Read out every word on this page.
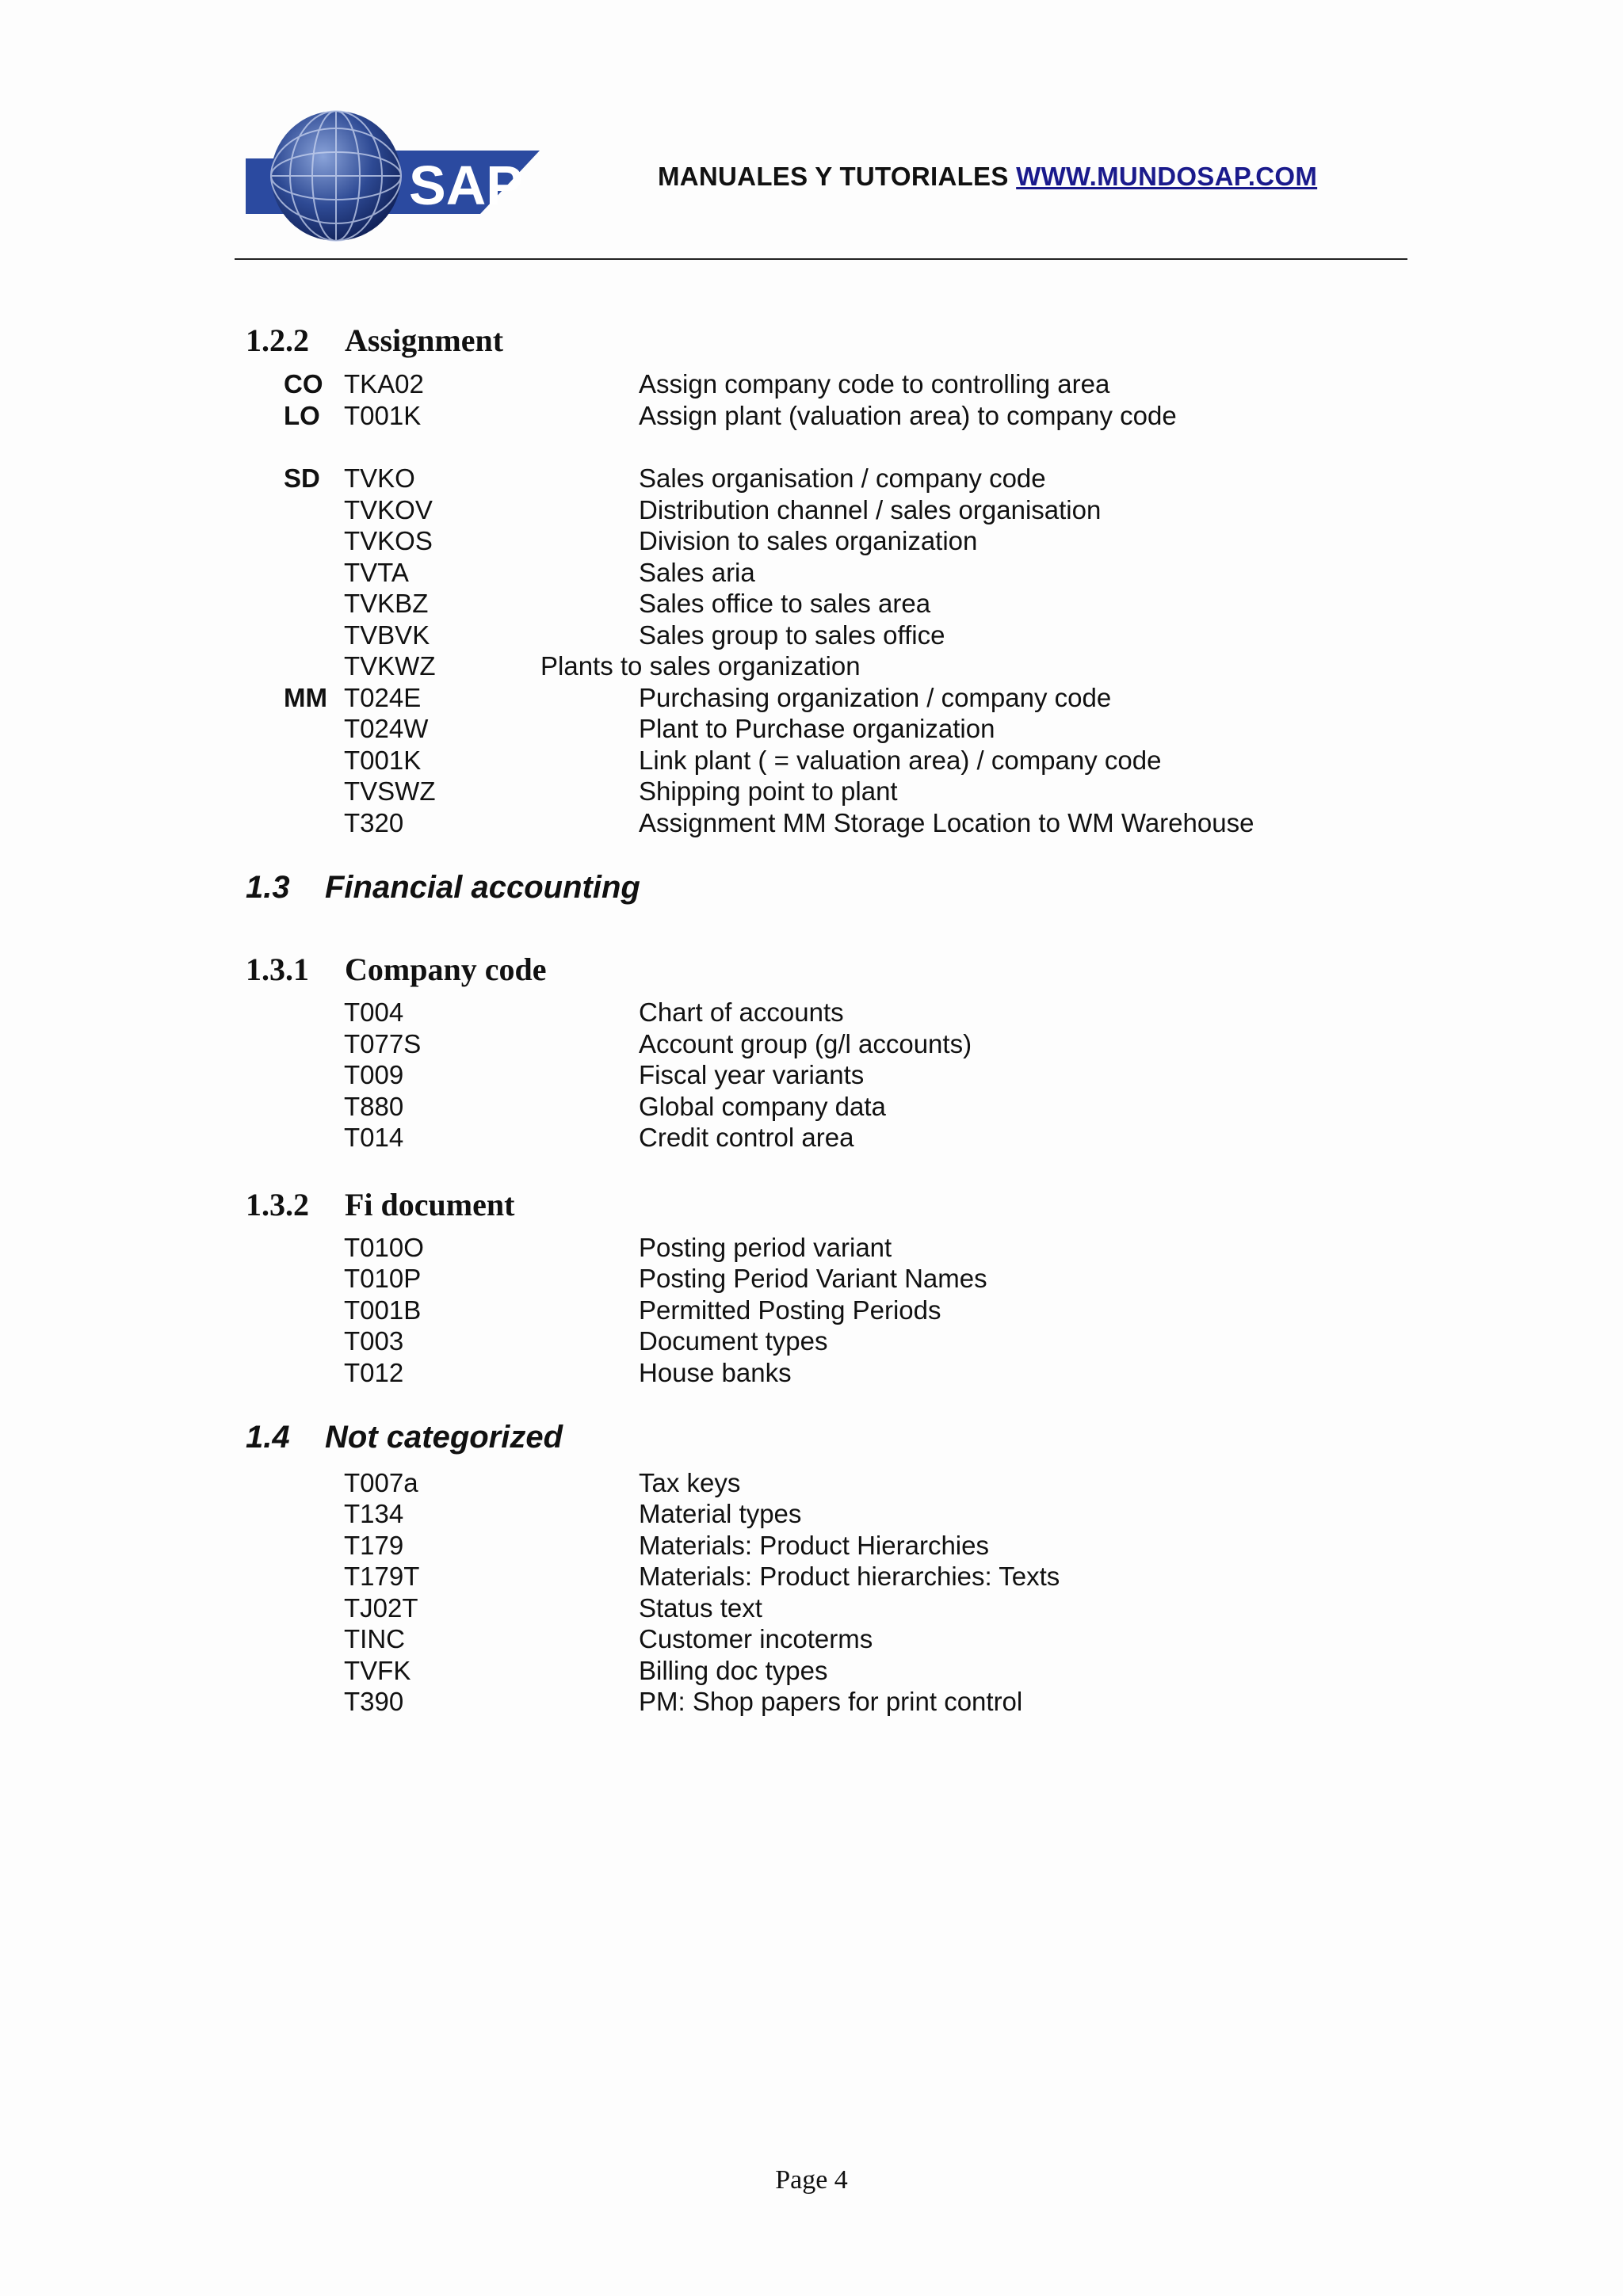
SAP	MANUALES Y TUTORIALES WWW.MUNDOSAP.COM
1.2.2 Assignment
CO TKA02	Assign company code to controlling area
LO T001K	Assign plant (valuation area) to company code
SD TVKO	Sales organisation / company code
TVKOV	Distribution channel / sales organisation
TVKOS	Division to sales organization
TVTA	Sales aria
TVKBZ	Sales office to sales area
TVBVK	Sales group to sales office
TVKWZ	Plants to sales organization
MM T024E	Purchasing organization / company code
T024W	Plant to Purchase organization
T001K	Link plant ( = valuation area) / company code
TVSWZ	Shipping point to plant
T320	Assignment MM Storage Location to WM Warehouse
1.3 Financial accounting
1.3.1 Company code
T004	Chart of accounts
T077S	Account group (g/l accounts)
T009	Fiscal year variants
T880	Global company data
T014	Credit control area
1.3.2 Fi document
T010O	Posting period variant
T010P	Posting Period Variant Names
T001B	Permitted Posting Periods
T003	Document types
T012	House banks
1.4 Not categorized
T007a	Tax keys
T134	Material types
T179	Materials: Product Hierarchies
T179T	Materials: Product hierarchies: Texts
TJ02T	Status text
TINC	Customer incoterms
TVFK	Billing doc types
T390	PM: Shop papers for print control
Page 4
